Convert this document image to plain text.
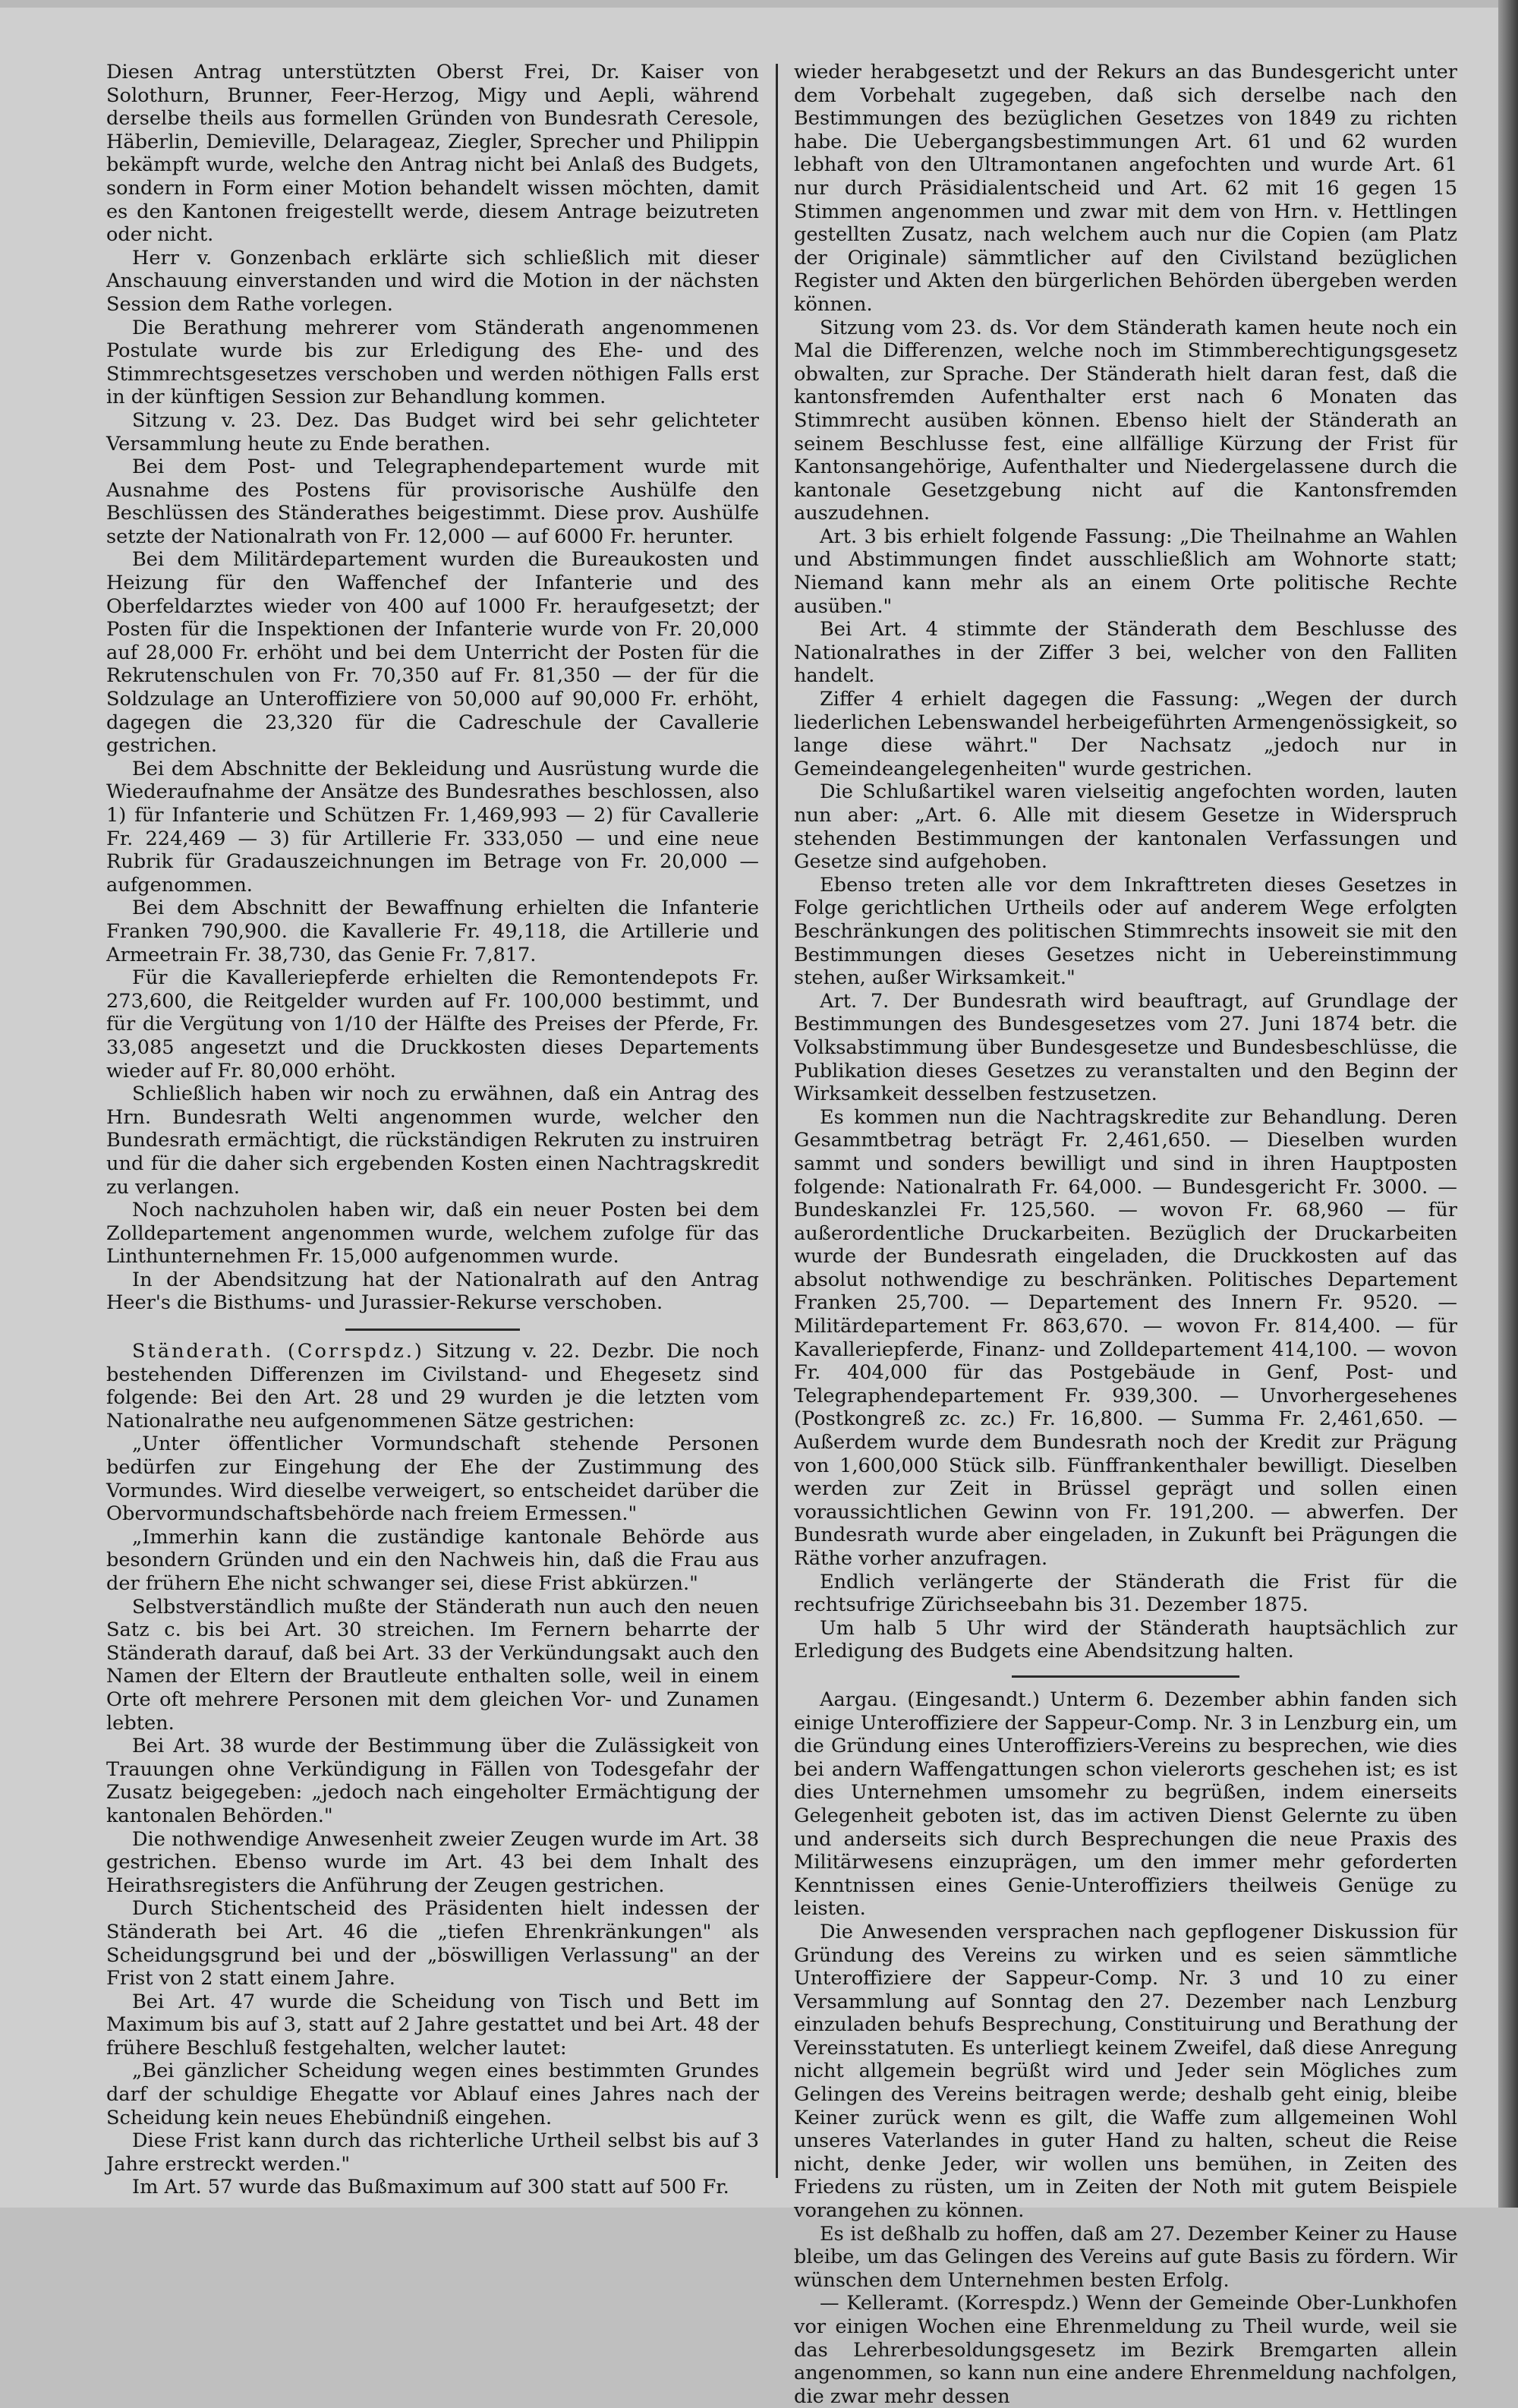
Diesen Antrag unterstützten Oberst Frei, Dr. Kaiser von Solothurn, Brunner, Feer-Herzog, Migy und Aepli, während derselbe theils aus formellen Gründen von Bundesrath Ceresole, Häberlin, Demieville, Delarageaz, Ziegler, Sprecher und Philippin bekämpft wurde, welche den Antrag nicht bei Anlaß des Budgets, sondern in Form einer Motion behandelt wissen möchten, damit es den Kantonen freigestellt werde, diesem Antrage beizutreten oder nicht.

Herr v. Gonzenbach erklärte sich schließlich mit dieser Anschauung einverstanden und wird die Motion in der nächsten Session dem Rathe vorlegen.

Die Berathung mehrerer vom Ständerath angenommenen Postulate wurde bis zur Erledigung des Ehe- und des Stimmrechtsgesetzes verschoben und werden nöthigen Falls erst in der künftigen Session zur Behandlung kommen.

Sitzung v. 23. Dez. Das Budget wird bei sehr gelichteter Versammlung heute zu Ende berathen.

Bei dem Post- und Telegraphendepartement wurde mit Ausnahme des Postens für provisorische Aushülfe den Beschlüssen des Ständerathes beigestimmt. Diese prov. Aushülfe setzte der Nationalrath von Fr. 12,000 — auf 6000 Fr. herunter.

Bei dem Militärdepartement wurden die Bureaukosten und Heizung für den Waffenchef der Infanterie und des Oberfeldarztes wieder von 400 auf 1000 Fr. heraufgesetzt; der Posten für die Inspektionen der Infanterie wurde von Fr. 20,000 auf 28,000 Fr. erhöht und bei dem Unterricht der Posten für die Rekrutenschulen von Fr. 70,350 auf Fr. 81,350 — der für die Soldzulage an Unteroffiziere von 50,000 auf 90,000 Fr. erhöht, dagegen die 23,320 für die Cadreschule der Cavallerie gestrichen.

Bei dem Abschnitte der Bekleidung und Ausrüstung wurde die Wiederaufnahme der Ansätze des Bundesrathes beschlossen, also 1) für Infanterie und Schützen Fr. 1,469,993 — 2) für Cavallerie Fr. 224,469 — 3) für Artillerie Fr. 333,050 — und eine neue Rubrik für Gradauszeichnungen im Betrage von Fr. 20,000 — aufgenommen.

Bei dem Abschnitt der Bewaffnung erhielten die Infanterie Franken 790,900. die Kavallerie Fr. 49,118, die Artillerie und Armeetrain Fr. 38,730, das Genie Fr. 7,817.

Für die Kavalleriepferde erhielten die Remontendepots Fr. 273,600, die Reitgelder wurden auf Fr. 100,000 bestimmt, und für die Vergütung von 1/10 der Hälfte des Preises der Pferde, Fr. 33,085 angesetzt und die Druckkosten dieses Departements wieder auf Fr. 80,000 erhöht.

Schließlich haben wir noch zu erwähnen, daß ein Antrag des Hrn. Bundesrath Welti angenommen wurde, welcher den Bundesrath ermächtigt, die rückständigen Rekruten zu instruiren und für die daher sich ergebenden Kosten einen Nachtragskredit zu verlangen.

Noch nachzuholen haben wir, daß ein neuer Posten bei dem Zolldepartement angenommen wurde, welchem zufolge für das Linthunternehmen Fr. 15,000 aufgenommen wurde.

In der Abendsitzung hat der Nationalrath auf den Antrag Heer's die Bisthums- und Jurassier-Rekurse verschoben.

Ständerath. (Corrspdz.) Sitzung v. 22. Dezbr. Die noch bestehenden Differenzen im Civilstand- und Ehegesetz sind folgende: Bei den Art. 28 und 29 wurden je die letzten vom Nationalrathe neu aufgenommenen Sätze gestrichen:

„Unter öffentlicher Vormundschaft stehende Personen bedürfen zur Eingehung der Ehe der Zustimmung des Vormundes. Wird dieselbe verweigert, so entscheidet darüber die Obervormundschaftsbehörde nach freiem Ermessen."

„Immerhin kann die zuständige kantonale Behörde aus besondern Gründen und ein den Nachweis hin, daß die Frau aus der frühern Ehe nicht schwanger sei, diese Frist abkürzen."

Selbstverständlich mußte der Ständerath nun auch den neuen Satz c. bis bei Art. 30 streichen. Im Fernern beharrte der Ständerath darauf, daß bei Art. 33 der Verkündungsakt auch den Namen der Eltern der Brautleute enthalten solle, weil in einem Orte oft mehrere Personen mit dem gleichen Vor- und Zunamen lebten.

Bei Art. 38 wurde der Bestimmung über die Zulässigkeit von Trauungen ohne Verkündigung in Fällen von Todesgefahr der Zusatz beigegeben: „jedoch nach eingeholter Ermächtigung der kantonalen Behörden."

Die nothwendige Anwesenheit zweier Zeugen wurde im Art. 38 gestrichen. Ebenso wurde im Art. 43 bei dem Inhalt des Heirathsregisters die Anführung der Zeugen gestrichen.

Durch Stichentscheid des Präsidenten hielt indessen der Ständerath bei Art. 46 die „tiefen Ehrenkränkungen" als Scheidungsgrund bei und der „böswilligen Verlassung" an der Frist von 2 statt einem Jahre.

Bei Art. 47 wurde die Scheidung von Tisch und Bett im Maximum bis auf 3, statt auf 2 Jahre gestattet und bei Art. 48 der frühere Beschluß festgehalten, welcher lautet:

„Bei gänzlicher Scheidung wegen eines bestimmten Grundes darf der schuldige Ehegatte vor Ablauf eines Jahres nach der Scheidung kein neues Ehebündniß eingehen.

Diese Frist kann durch das richterliche Urtheil selbst bis auf 3 Jahre erstreckt werden."

Im Art. 57 wurde das Bußmaximum auf 300 statt auf 500 Fr.

wieder herabgesetzt und der Rekurs an das Bundesgericht unter dem Vorbehalt zugegeben, daß sich derselbe nach den Bestimmungen des bezüglichen Gesetzes von 1849 zu richten habe. Die Uebergangsbestimmungen Art. 61 und 62 wurden lebhaft von den Ultramontanen angefochten und wurde Art. 61 nur durch Präsidialentscheid und Art. 62 mit 16 gegen 15 Stimmen angenommen und zwar mit dem von Hrn. v. Hettlingen gestellten Zusatz, nach welchem auch nur die Copien (am Platz der Originale) sämmtlicher auf den Civilstand bezüglichen Register und Akten den bürgerlichen Behörden übergeben werden können.

Sitzung vom 23. ds. Vor dem Ständerath kamen heute noch ein Mal die Differenzen, welche noch im Stimmberechtigungsgesetz obwalten, zur Sprache. Der Ständerath hielt daran fest, daß die kantonsfremden Aufenthalter erst nach 6 Monaten das Stimmrecht ausüben können. Ebenso hielt der Ständerath an seinem Beschlusse fest, eine allfällige Kürzung der Frist für Kantonsangehörige, Aufenthalter und Niedergelassene durch die kantonale Gesetzgebung nicht auf die Kantonsfremden auszudehnen.

Art. 3 bis erhielt folgende Fassung: „Die Theilnahme an Wahlen und Abstimmungen findet ausschließlich am Wohnorte statt; Niemand kann mehr als an einem Orte politische Rechte ausüben."

Bei Art. 4 stimmte der Ständerath dem Beschlusse des Nationalrathes in der Ziffer 3 bei, welcher von den Falliten handelt.

Ziffer 4 erhielt dagegen die Fassung: „Wegen der durch liederlichen Lebenswandel herbeigeführten Armengenössigkeit, so lange diese währt." Der Nachsatz „jedoch nur in Gemeindeangelegenheiten" wurde gestrichen.

Die Schlußartikel waren vielseitig angefochten worden, lauten nun aber: „Art. 6. Alle mit diesem Gesetze in Widerspruch stehenden Bestimmungen der kantonalen Verfassungen und Gesetze sind aufgehoben.

Ebenso treten alle vor dem Inkrafttreten dieses Gesetzes in Folge gerichtlichen Urtheils oder auf anderem Wege erfolgten Beschränkungen des politischen Stimmrechts insoweit sie mit den Bestimmungen dieses Gesetzes nicht in Uebereinstimmung stehen, außer Wirksamkeit."

Art. 7. Der Bundesrath wird beauftragt, auf Grundlage der Bestimmungen des Bundesgesetzes vom 27. Juni 1874 betr. die Volksabstimmung über Bundesgesetze und Bundesbeschlüsse, die Publikation dieses Gesetzes zu veranstalten und den Beginn der Wirksamkeit desselben festzusetzen.

Es kommen nun die Nachtragskredite zur Behandlung. Deren Gesammtbetrag beträgt Fr. 2,461,650. — Dieselben wurden sammt und sonders bewilligt und sind in ihren Hauptposten folgende: Nationalrath Fr. 64,000. — Bundesgericht Fr. 3000. — Bundeskanzlei Fr. 125,560. — wovon Fr. 68,960 — für außerordentliche Druckarbeiten. Bezüglich der Druckarbeiten wurde der Bundesrath eingeladen, die Druckkosten auf das absolut nothwendige zu beschränken. Politisches Departement Franken 25,700. — Departement des Innern Fr. 9520. — Militärdepartement Fr. 863,670. — wovon Fr. 814,400. — für Kavalleriepferde, Finanz- und Zolldepartement 414,100. — wovon Fr. 404,000 für das Postgebäude in Genf, Post- und Telegraphendepartement Fr. 939,300. — Unvorhergesehenes (Postkongreß zc. zc.) Fr. 16,800. — Summa Fr. 2,461,650. — Außerdem wurde dem Bundesrath noch der Kredit zur Prägung von 1,600,000 Stück silb. Fünffrankenthaler bewilligt. Dieselben werden zur Zeit in Brüssel geprägt und sollen einen voraussichtlichen Gewinn von Fr. 191,200. — abwerfen. Der Bundesrath wurde aber eingeladen, in Zukunft bei Prägungen die Räthe vorher anzufragen.

Endlich verlängerte der Ständerath die Frist für die rechtsufrige Zürichseebahn bis 31. Dezember 1875.

Um halb 5 Uhr wird der Ständerath hauptsächlich zur Erledigung des Budgets eine Abendsitzung halten.

Aargau. (Eingesandt.) Unterm 6. Dezember abhin fanden sich einige Unteroffiziere der Sappeur-Comp. Nr. 3 in Lenzburg ein, um die Gründung eines Unteroffiziers-Vereins zu besprechen, wie dies bei andern Waffengattungen schon vielerorts geschehen ist; es ist dies Unternehmen umsomehr zu begrüßen, indem einerseits Gelegenheit geboten ist, das im activen Dienst Gelernte zu üben und anderseits sich durch Besprechungen die neue Praxis des Militärwesens einzuprägen, um den immer mehr geforderten Kenntnissen eines Genie-Unteroffiziers theilweis Genüge zu leisten.

Die Anwesenden versprachen nach gepflogener Diskussion für Gründung des Vereins zu wirken und es seien sämmtliche Unteroffiziere der Sappeur-Comp. Nr. 3 und 10 zu einer Versammlung auf Sonntag den 27. Dezember nach Lenzburg einzuladen behufs Besprechung, Constituirung und Berathung der Vereinsstatuten. Es unterliegt keinem Zweifel, daß diese Anregung nicht allgemein begrüßt wird und Jeder sein Mögliches zum Gelingen des Vereins beitragen werde; deshalb geht einig, bleibe Keiner zurück wenn es gilt, die Waffe zum allgemeinen Wohl unseres Vaterlandes in guter Hand zu halten, scheut die Reise nicht, denke Jeder, wir wollen uns bemühen, in Zeiten des Friedens zu rüsten, um in Zeiten der Noth mit gutem Beispiele vorangehen zu können.

Es ist deßhalb zu hoffen, daß am 27. Dezember Keiner zu Hause bleibe, um das Gelingen des Vereins auf gute Basis zu fördern. Wir wünschen dem Unternehmen besten Erfolg.

— Kelleramt. (Korrespdz.) Wenn der Gemeinde Ober-Lunkhofen vor einigen Wochen eine Ehrenmeldung zu Theil wurde, weil sie das Lehrerbesoldungsgesetz im Bezirk Bremgarten allein angenommen, so kann nun eine andere Ehrenmeldung nachfolgen, die zwar mehr dessen
